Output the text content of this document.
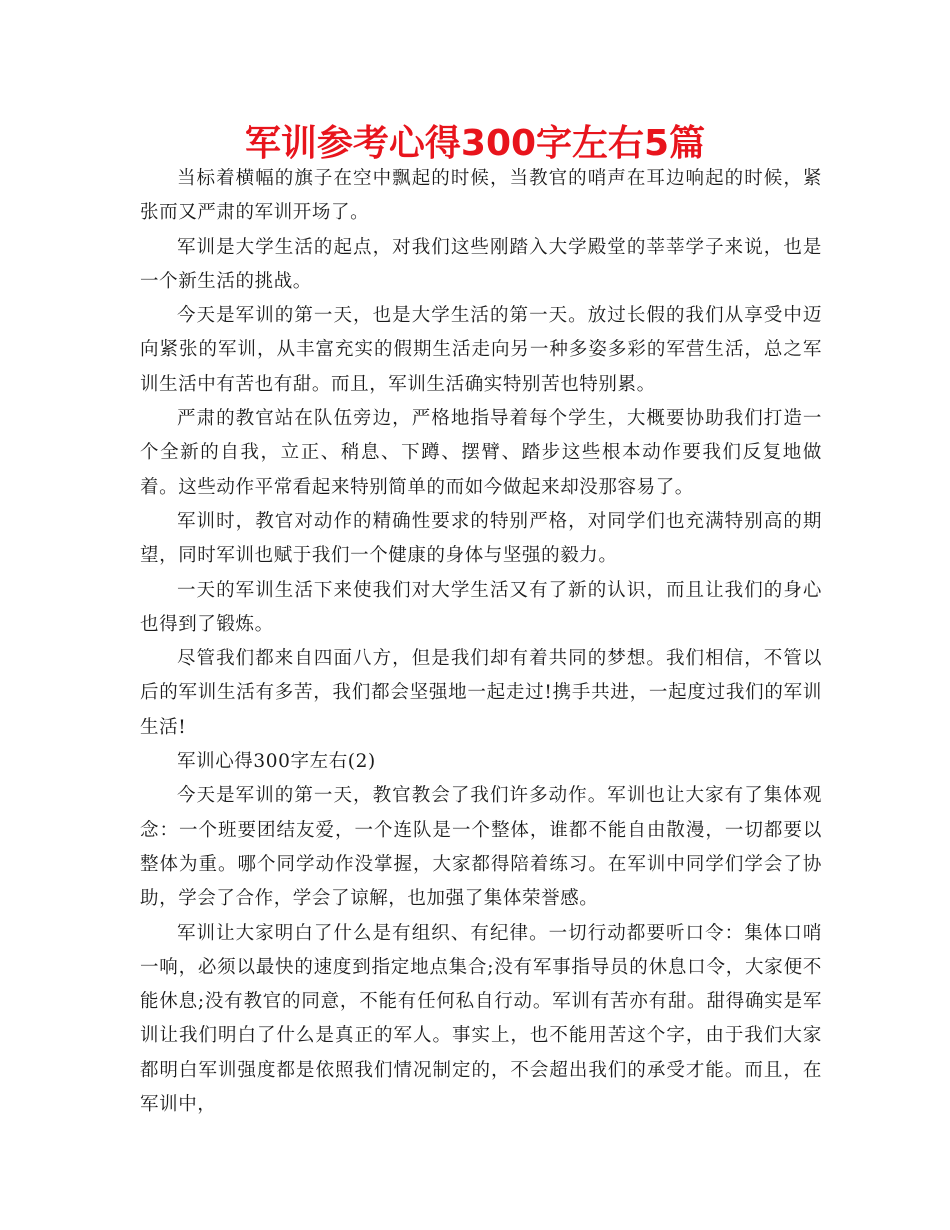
军训参考心得300字左右5篇

当标着横幅的旗子在空中飘起的时候，当教官的哨声在耳边响起的时候，紧张而又严肃的军训开场了。

军训是大学生活的起点，对我们这些刚踏入大学殿堂的莘莘学子来说，也是一个新生活的挑战。

今天是军训的第一天，也是大学生活的第一天。放过长假的我们从享受中迈向紧张的军训，从丰富充实的假期生活走向另一种多姿多彩的军营生活，总之军训生活中有苦也有甜。而且，军训生活确实特别苦也特别累。

严肃的教官站在队伍旁边，严格地指导着每个学生，大概要协助我们打造一个全新的自我，立正、稍息、下蹲、摆臂、踏步这些根本动作要我们反复地做着。这些动作平常看起来特别简单的而如今做起来却没那容易了。

军训时，教官对动作的精确性要求的特别严格，对同学们也充满特别高的期望，同时军训也赋于我们一个健康的身体与坚强的毅力。

一天的军训生活下来使我们对大学生活又有了新的认识，而且让我们的身心也得到了锻炼。

尽管我们都来自四面八方，但是我们却有着共同的梦想。我们相信，不管以后的军训生活有多苦，我们都会坚强地一起走过!携手共进，一起度过我们的军训生活!

军训心得300字左右(2)

今天是军训的第一天，教官教会了我们许多动作。军训也让大家有了集体观念：一个班要团结友爱，一个连队是一个整体，谁都不能自由散漫，一切都要以整体为重。哪个同学动作没掌握，大家都得陪着练习。在军训中同学们学会了协助，学会了合作，学会了谅解，也加强了集体荣誉感。

军训让大家明白了什么是有组织、有纪律。一切行动都要听口令：集体口哨一响，必须以最快的速度到指定地点集合;没有军事指导员的休息口令，大家便不能休息;没有教官的同意，不能有任何私自行动。军训有苦亦有甜。甜得确实是军训让我们明白了什么是真正的军人。事实上，也不能用苦这个字，由于我们大家都明白军训强度都是依照我们情况制定的，不会超出我们的承受才能。而且，在军训中，
